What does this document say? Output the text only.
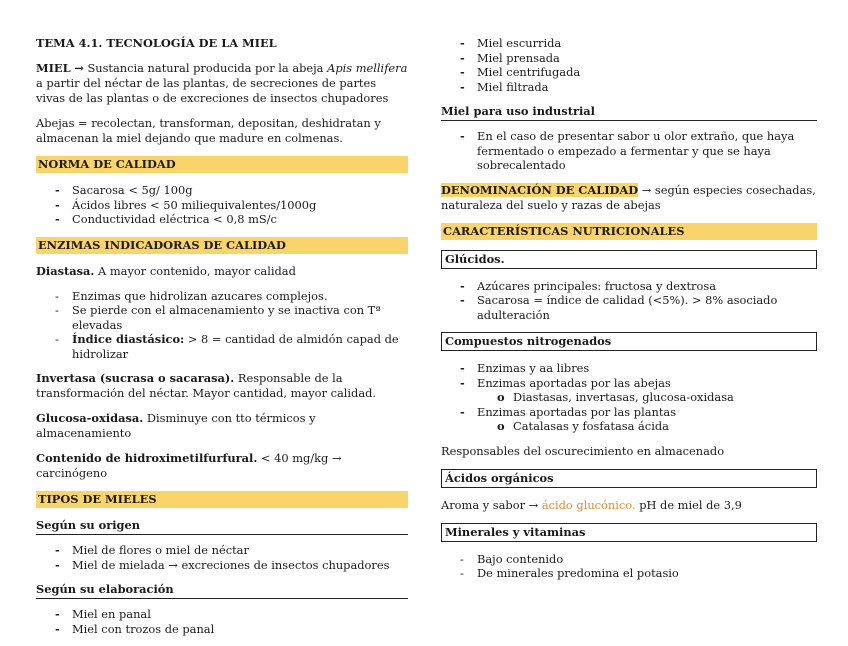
TEMA 4.1. TECNOLOGÍA DE LA MIEL

MIEL → Sustancia natural producida por la abeja Apis mellifera a partir del néctar de las plantas, de secreciones de partes vivas de las plantas o de excreciones de insectos chupadores

Abejas = recolectan, transforman, depositan, deshidratan y almacenan la miel dejando que madure en colmenas.

NORMA DE CALIDAD
- Sacarosa < 5g/ 100g
- Ácidos libres < 50 miliequivalentes/1000g
- Conductividad eléctrica < 0,8 mS/c
ENZIMAS INDICADORAS DE CALIDAD

Diastasa. A mayor contenido, mayor calidad

- Enzimas que hidrolizan azucares complejos.
- Se pierde con el almacenamiento y se inactiva con Tª elevadas
- Índice diastásico: > 8 = cantidad de almidón capad de hidrolizar

Invertasa (sucrasa o sacarasa). Responsable de la transformación del néctar. Mayor cantidad, mayor calidad.

Glucosa-oxidasa. Disminuye con tto térmicos y almacenamiento

Contenido de hidroximetilfurfural. < 40 mg/kg → carcinógeno

TIPOS DE MIELES
Según su origen
- Miel de flores o miel de néctar
- Miel de mielada → excreciones de insectos chupadores
Según su elaboración
- Miel en panal
- Miel con trozos de panal
- Miel escurrida
- Miel prensada
- Miel centrifugada
- Miel filtrada
Miel para uso industrial
- En el caso de presentar sabor u olor extraño, que haya fermentado o empezado a fermentar y que se haya sobrecalentado

DENOMINACIÓN DE CALIDAD → según especies cosechadas, naturaleza del suelo y razas de abejas

CARACTERÍSTICAS NUTRICIONALES
Glúcidos.
- Azúcares principales: fructosa y dextrosa
- Sacarosa = índice de calidad (<5%). > 8% asociado adulteración
Compuestos nitrogenados
- Enzimas y aa libres
- Enzimas aportadas por las abejas
o Diastasas, invertasas, glucosa-oxidasa
- Enzimas aportadas por las plantas
o Catalasas y fosfatasa ácida

Responsables del oscurecimiento en almacenado

Ácidos orgánicos

Aroma y sabor → ácido glucónico. pH de miel de 3,9

Minerales y vitaminas
- Bajo contenido
- De minerales predomina el potasio
